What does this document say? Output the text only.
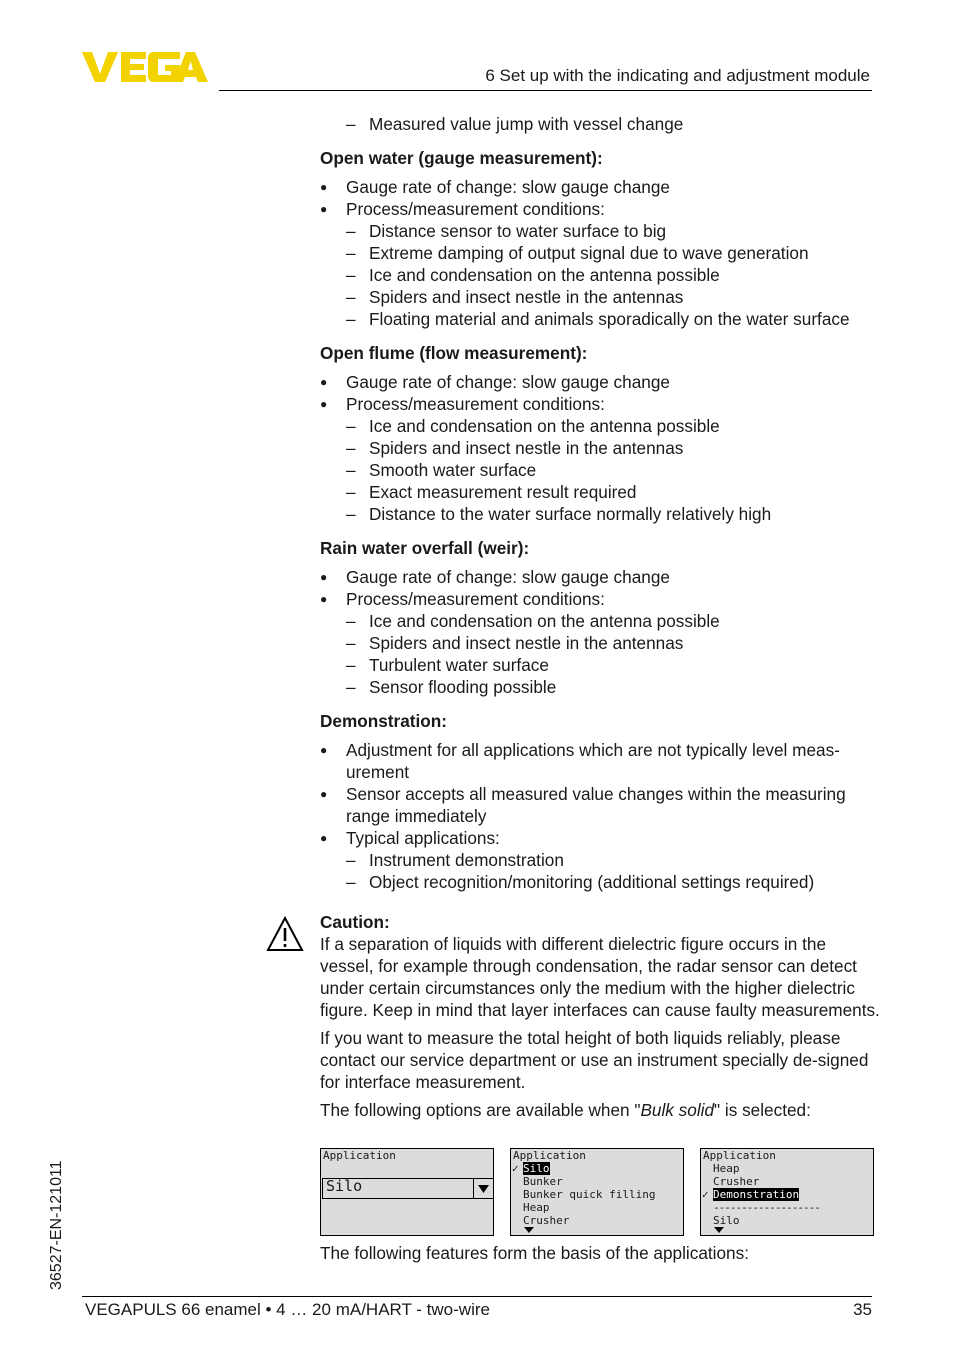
6 Set up with the indicating and adjustment module
– Measured value jump with vessel change
Open water (gauge measurement):
● Gauge rate of change: slow gauge change
● Process/measurement conditions:
– Distance sensor to water surface to big
– Extreme damping of output signal due to wave generation
– Ice and condensation on the antenna possible
– Spiders and insect nestle in the antennas
– Floating material and animals sporadically on the water surface
Open flume (flow measurement):
● Gauge rate of change: slow gauge change
● Process/measurement conditions:
– Ice and condensation on the antenna possible
– Spiders and insect nestle in the antennas
– Smooth water surface
– Exact measurement result required
– Distance to the water surface normally relatively high
Rain water overfall (weir):
● Gauge rate of change: slow gauge change
● Process/measurement conditions:
– Ice and condensation on the antenna possible
– Spiders and insect nestle in the antennas
– Turbulent water surface
– Sensor flooding possible
Demonstration:
● Adjustment for all applications which are not typically level meas-urement
● Sensor accepts all measured value changes within the measuring range immediately
● Typical applications:
– Instrument demonstration
– Object recognition/monitoring (additional settings required)
Caution:

If a separation of liquids with different dielectric figure occurs in the vessel, for example through condensation, the radar sensor can detect under certain circumstances only the medium with the higher dielectric figure. Keep in mind that layer interfaces can cause faulty measurements.

If you want to measure the total height of both liquids reliably, please contact our service department or use an instrument specially de-signed for interface measurement.

The following options are available when "Bulk solid" is selected:

Application
Silo
Application
✓ Silo
Bunker
Bunker quick filling
Heap
Crusher
Application
Heap
Crusher
✓ Demonstration
-------------------
Silo
The following features form the basis of the applications:
36527-EN-121011
VEGAPULS 66 enamel • 4 … 20 mA/HART - two-wire	35
